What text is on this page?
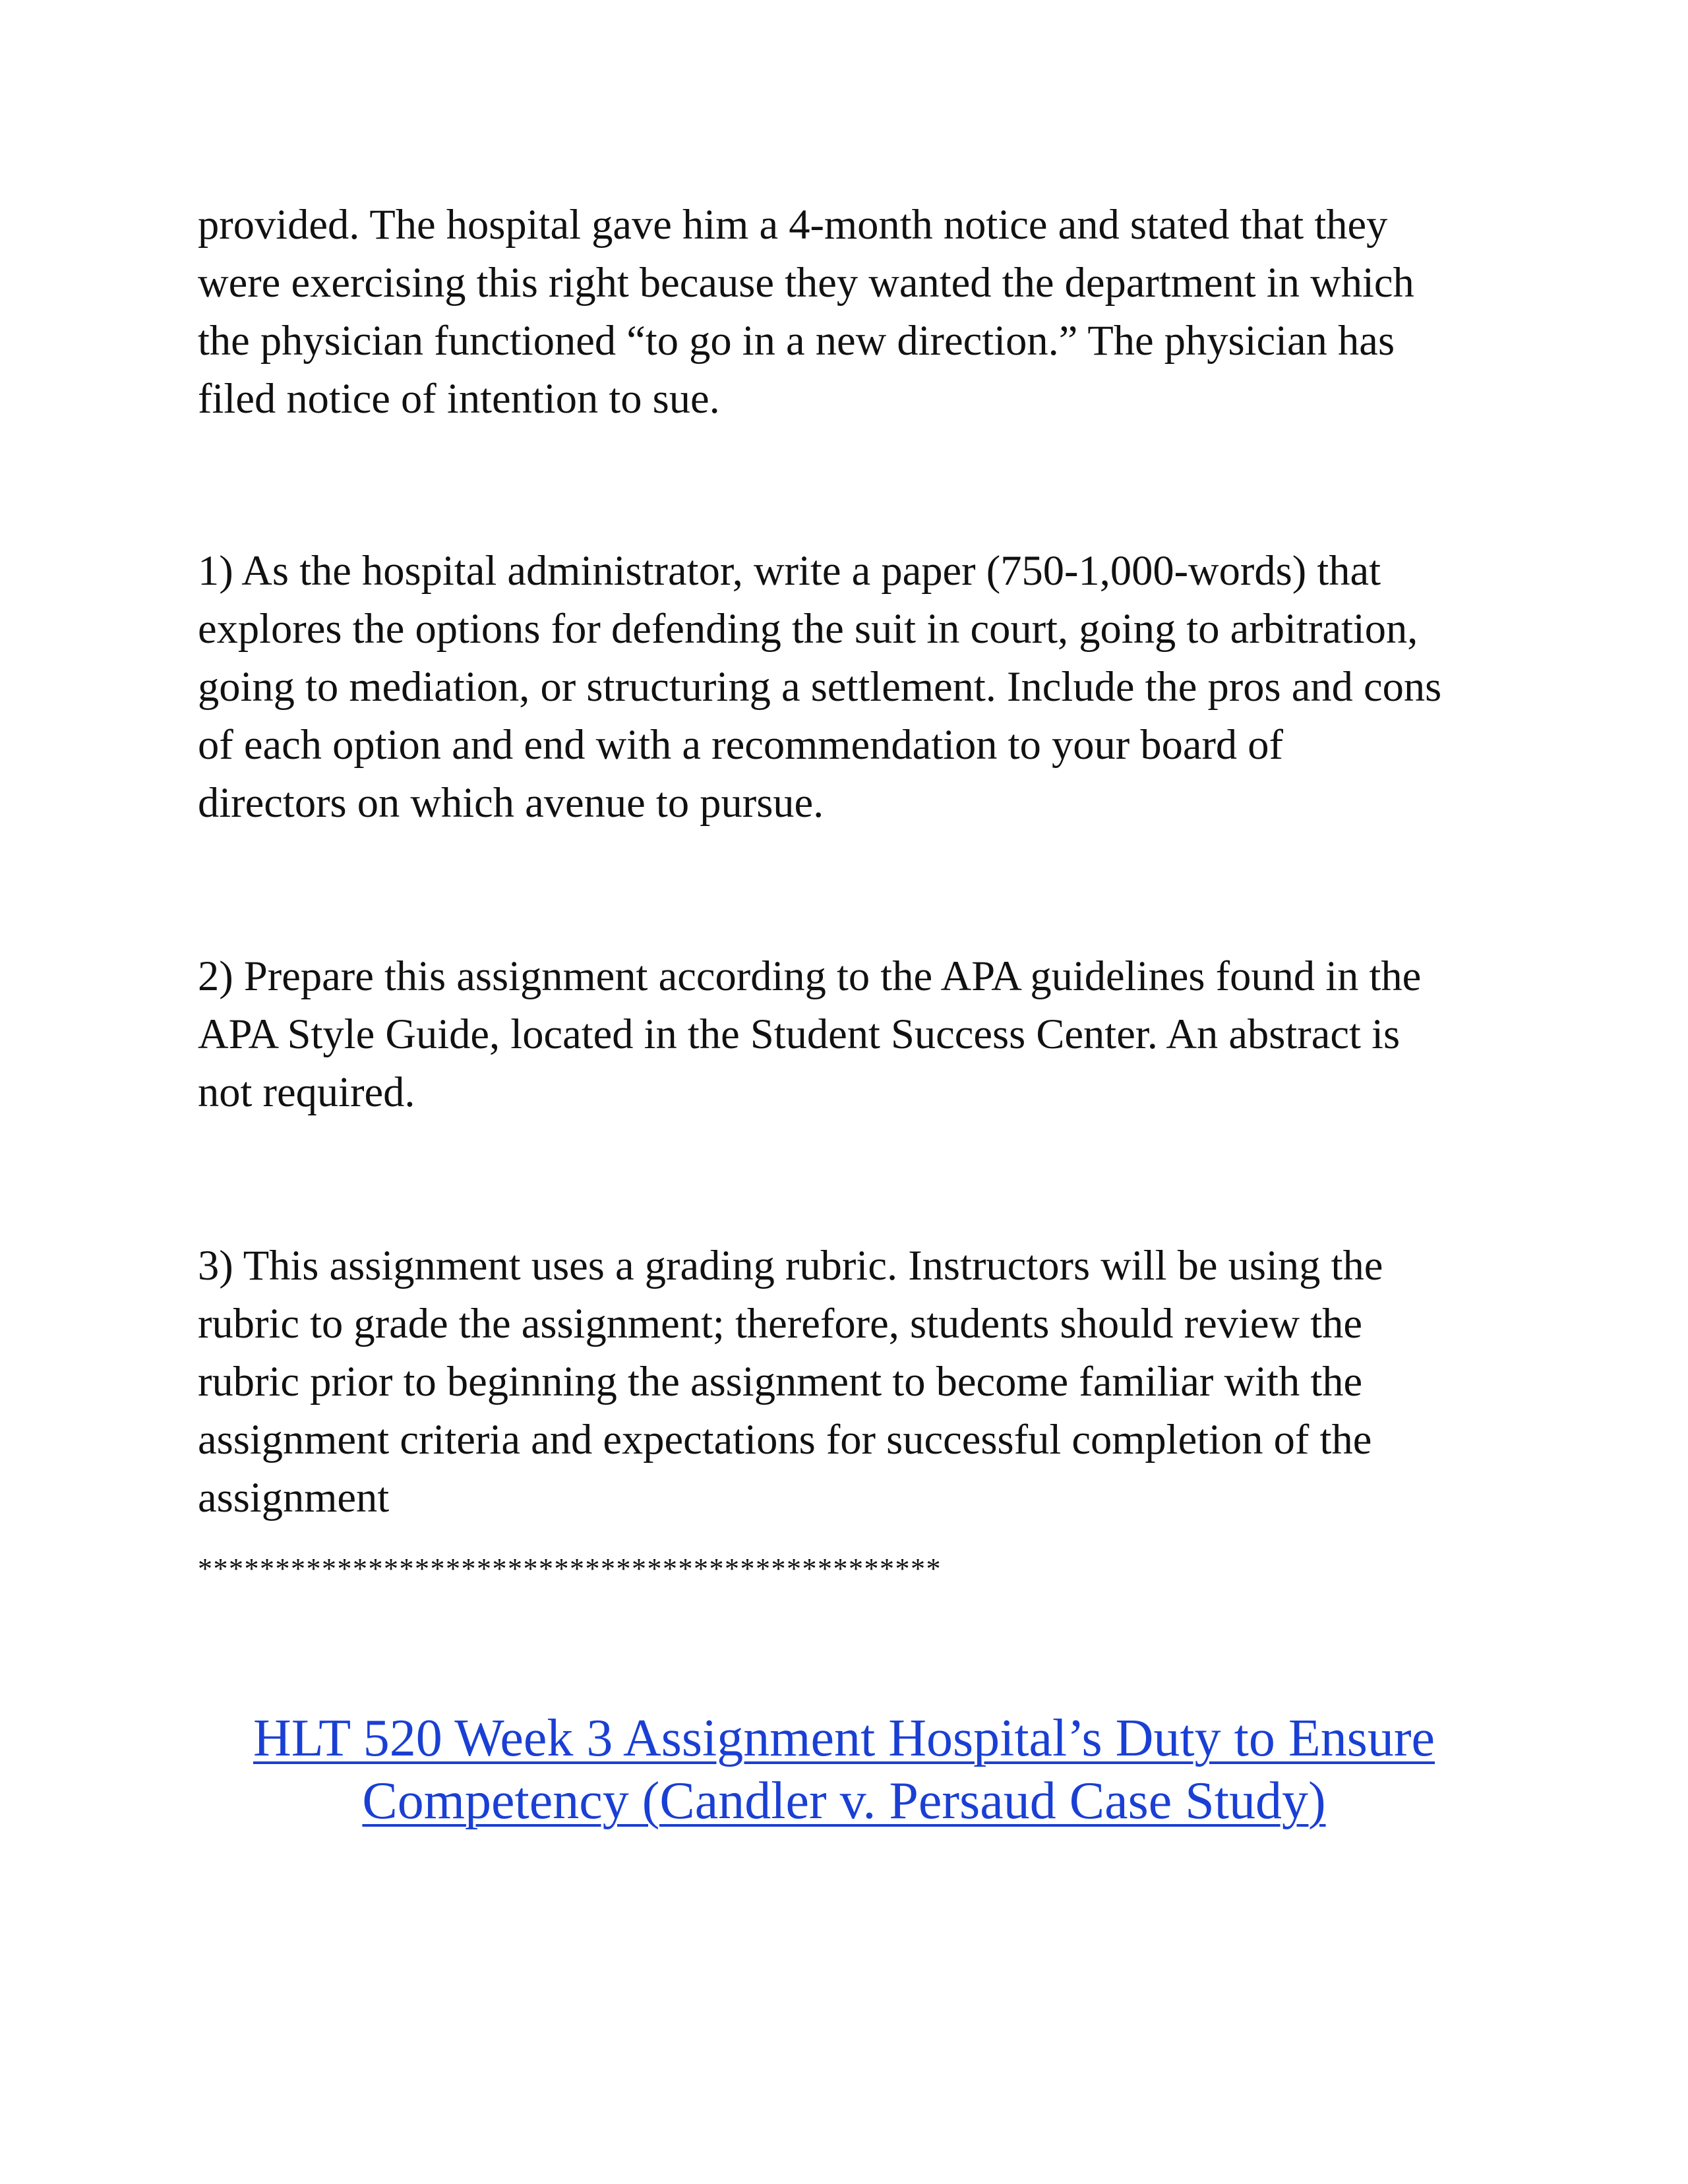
provided. The hospital gave him a 4-month notice and stated that they
were exercising this right because they wanted the department in which
the physician functioned “to go in a new direction.” The physician has
filed notice of intention to sue.
1) As the hospital administrator, write a paper (750-1,000-words) that
explores the options for defending the suit in court, going to arbitration,
going to mediation, or structuring a settlement. Include the pros and cons
of each option and end with a recommendation to your board of
directors on which avenue to pursue.
2) Prepare this assignment according to the APA guidelines found in the
APA Style Guide, located in the Student Success Center. An abstract is
not required.
3) This assignment uses a grading rubric. Instructors will be using the
rubric to grade the assignment; therefore, students should review the
rubric prior to beginning the assignment to become familiar with the
assignment criteria and expectations for successful completion of the
assignment
************************************************
HLT 520 Week 3 Assignment Hospital’s Duty to Ensure
Competency (Candler v. Persaud Case Study)
